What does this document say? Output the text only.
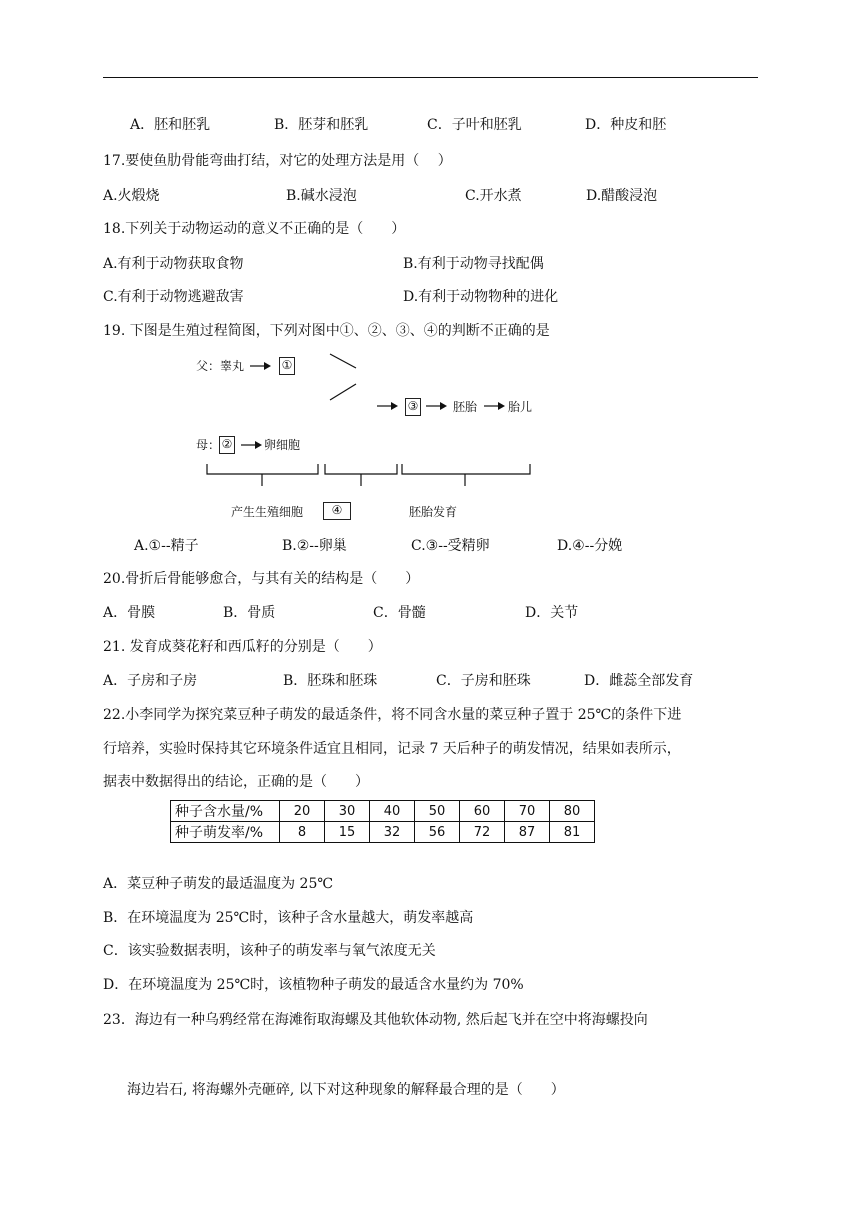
A．胚和胚乳	B．胚芽和胚乳	C．子叶和胚乳	D．种皮和胚
17.要使鱼肋骨能弯曲打结，对它的处理方法是用（　 ）
A.火煅烧	B.碱水浸泡	C.开水煮	D.醋酸浸泡
18.下列关于动物运动的意义不正确的是（　　）
A.有利于动物获取食物	B.有利于动物寻找配偶
C.有利于动物逃避敌害	D.有利于动物物种的进化
19. 下图是生殖过程简图，下列对图中①、②、③、④的判断不正确的是
父：睾丸	①
③	胚胎	胎儿
母： ②	卵细胞
产生生殖细胞	④	胚胎发育
A.①--精子	B.②--卵巢	C.③--受精卵	D.④--分娩
20.骨折后骨能够愈合，与其有关的结构是（　　）
A．骨膜	B．骨质	C．骨髓	D．关节
21. 发育成葵花籽和西瓜籽的分别是（　　）
A．子房和子房	B．胚珠和胚珠	C．子房和胚珠	D．雌蕊全部发育
22.小李同学为探究菜豆种子萌发的最适条件，将不同含水量的菜豆种子置于 25℃的条件下进
行培养，实验时保持其它环境条件适宜且相同，记录 7 天后种子的萌发情况，结果如表所示，
据表中数据得出的结论，正确的是（　　）
种子含水量/%	20	30	40	50	60	70	80
种子萌发率/%	8	15	32	56	72	87	81
A．菜豆种子萌发的最适温度为 25℃
B．在环境温度为 25℃时，该种子含水量越大，萌发率越高
C．该实验数据表明，该种子的萌发率与氧气浓度无关
D．在环境温度为 25℃时，该植物种子萌发的最适含水量约为 70%
23．海边有一种乌鸦经常在海滩衔取海螺及其他软体动物, 然后起飞并在空中将海螺投向
海边岩石, 将海螺外壳砸碎, 以下对这种现象的解释最合理的是（　　）
